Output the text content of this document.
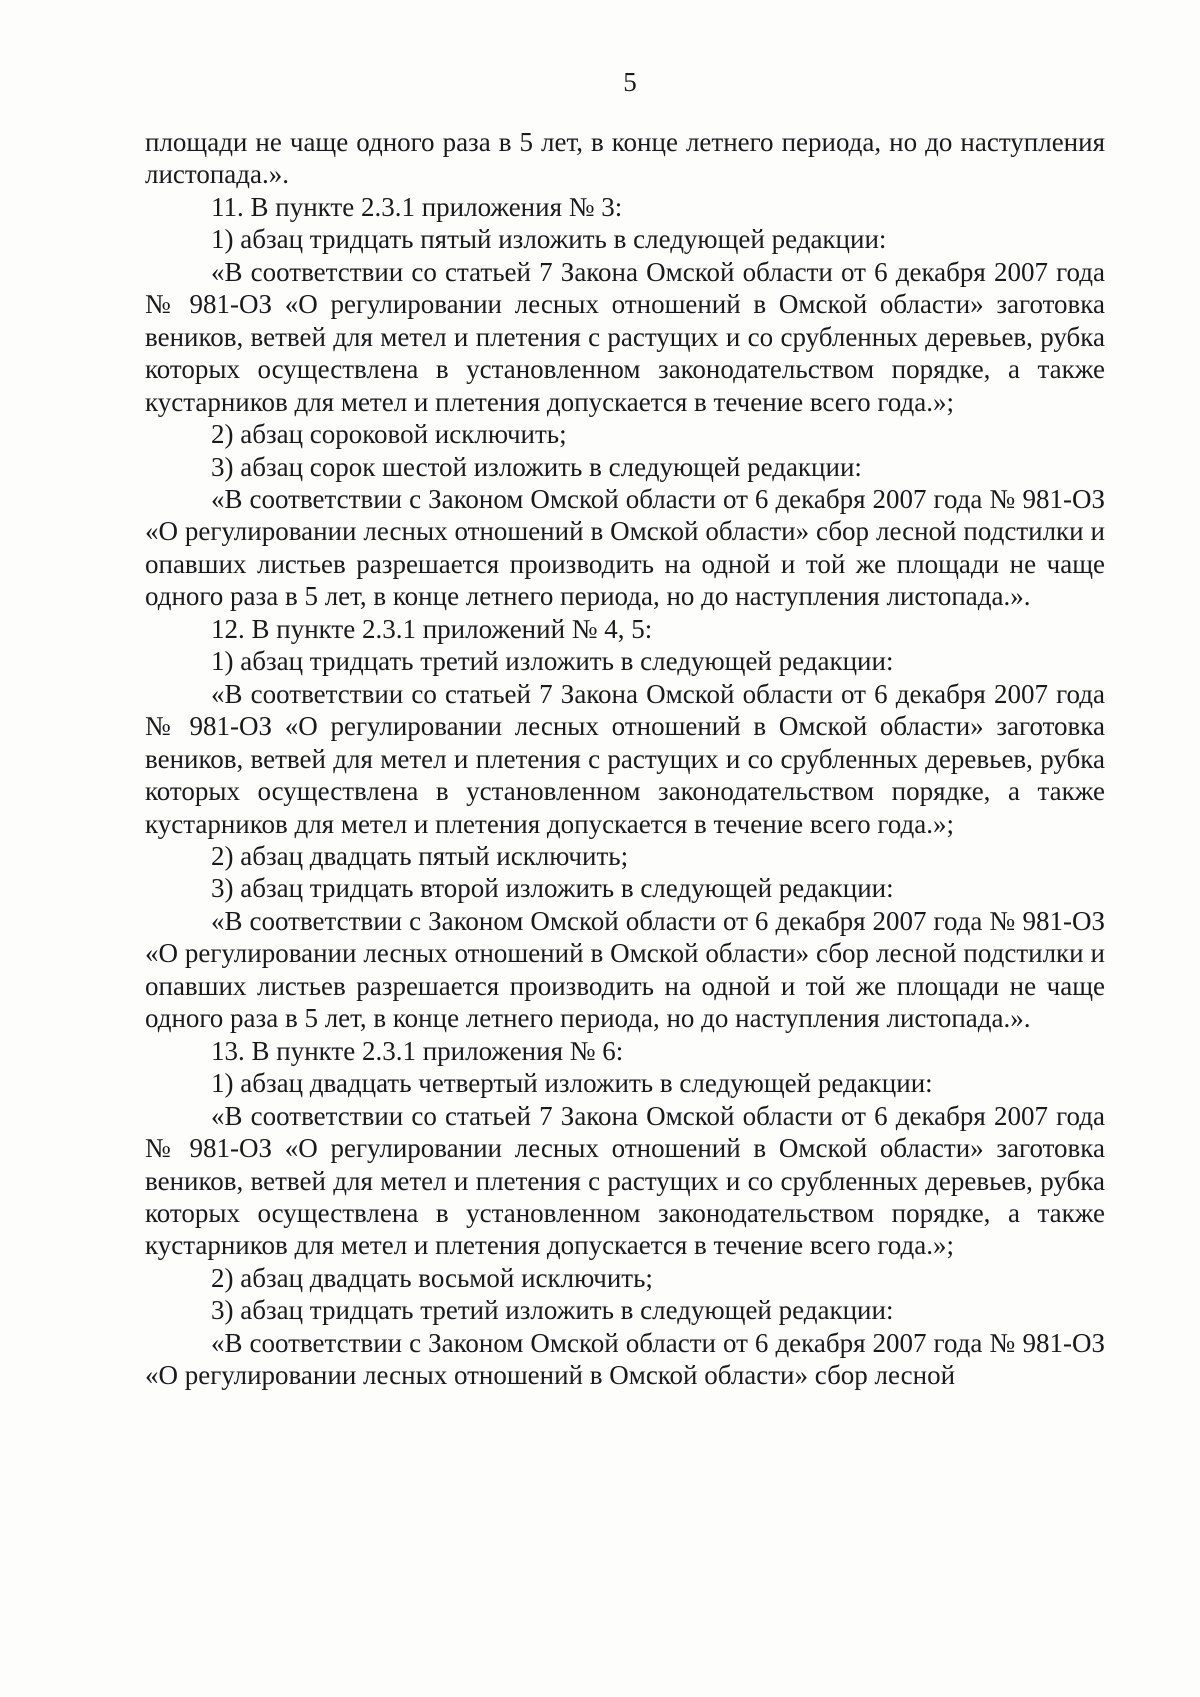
5

площади не чаще одного раза в 5 лет, в конце летнего периода, но до наступления листопада.».

11. В пункте 2.3.1 приложения № 3:

1) абзац тридцать пятый изложить в следующей редакции:

«В соответствии со статьей 7 Закона Омской области от 6 декабря 2007 года № 981-ОЗ «О регулировании лесных отношений в Омской области» заготовка веников, ветвей для метел и плетения с растущих и со срубленных деревьев, рубка которых осуществлена в установленном законодательством порядке, а также кустарников для метел и плетения допускается в течение всего года.»;

2) абзац сороковой исключить;

3) абзац сорок шестой изложить в следующей редакции:

«В соответствии с Законом Омской области от 6 декабря 2007 года № 981-ОЗ «О регулировании лесных отношений в Омской области» сбор лесной подстилки и опавших листьев разрешается производить на одной и той же площади не чаще одного раза в 5 лет, в конце летнего периода, но до наступления листопада.».

12. В пункте 2.3.1 приложений № 4, 5:

1) абзац тридцать третий изложить в следующей редакции:

«В соответствии со статьей 7 Закона Омской области от 6 декабря 2007 года № 981-ОЗ «О регулировании лесных отношений в Омской области» заготовка веников, ветвей для метел и плетения с растущих и со срубленных деревьев, рубка которых осуществлена в установленном законодательством порядке, а также кустарников для метел и плетения допускается в течение всего года.»;

2) абзац двадцать пятый исключить;

3) абзац тридцать второй изложить в следующей редакции:

«В соответствии с Законом Омской области от 6 декабря 2007 года № 981-ОЗ «О регулировании лесных отношений в Омской области» сбор лесной подстилки и опавших листьев разрешается производить на одной и той же площади не чаще одного раза в 5 лет, в конце летнего периода, но до наступления листопада.».

13. В пункте 2.3.1 приложения № 6:

1) абзац двадцать четвертый изложить в следующей редакции:

«В соответствии со статьей 7 Закона Омской области от 6 декабря 2007 года № 981-ОЗ «О регулировании лесных отношений в Омской области» заготовка веников, ветвей для метел и плетения с растущих и со срубленных деревьев, рубка которых осуществлена в установленном законодательством порядке, а также кустарников для метел и плетения допускается в течение всего года.»;

2) абзац двадцать восьмой исключить;

3) абзац тридцать третий изложить в следующей редакции:

«В соответствии с Законом Омской области от 6 декабря 2007 года № 981-ОЗ «О регулировании лесных отношений в Омской области» сбор лесной
